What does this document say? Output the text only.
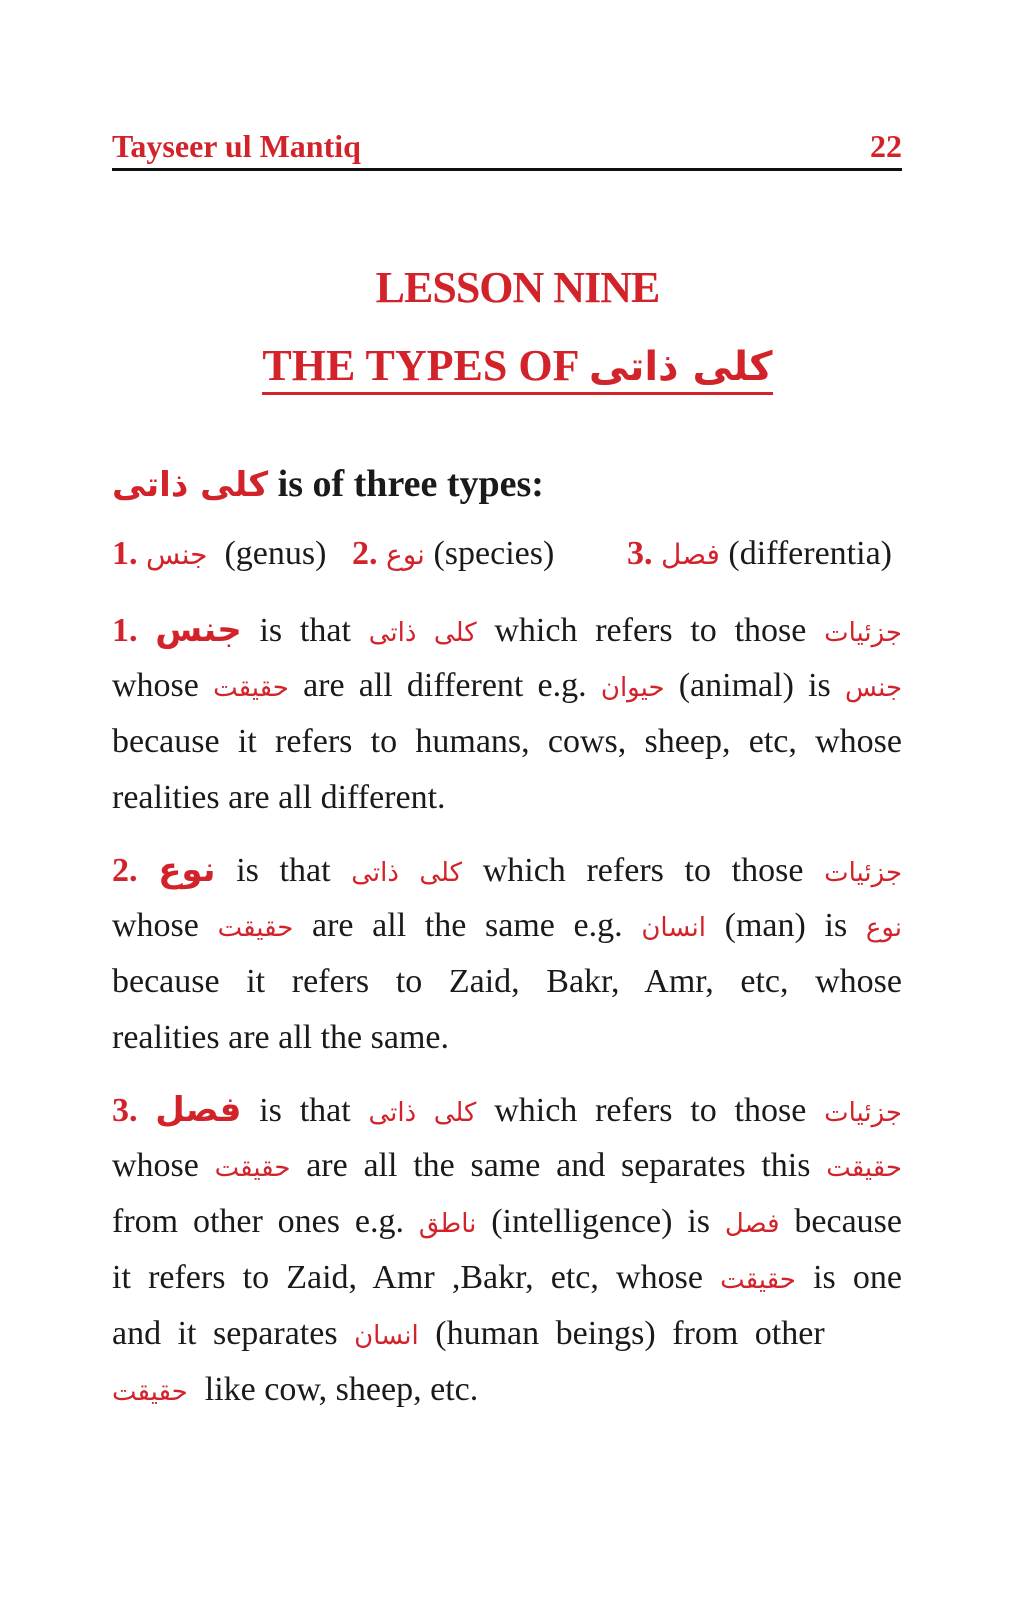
Tayseer ul Mantiq	22
LESSON NINE
THE TYPES OF کلی ذاتی
کلی ذاتی is of three types:
1. جنس (genus) 2. نوع (species) 3. فصل (differentia)
1. جنس is that کلی ذاتی which refers to those جزئیات
whose حقیقت are all different e.g. حیوان (animal) is جنس
because it refers to humans, cows, sheep, etc, whose
realities are all different.
2. نوع is that کلی ذاتی which refers to those جزئیات
whose حقیقت are all the same e.g. انسان (man) is نوع
because it refers to Zaid, Bakr, Amr, etc, whose
realities are all the same.
3. فصل is that کلی ذاتی which refers to those جزئیات
whose حقیقت are all the same and separates this حقیقت
from other ones e.g. ناطق (intelligence) is فصل because
it refers to Zaid, Amr ,Bakr, etc, whose حقیقت is one
and it separates انسان (human beings) from other
حقیقت like cow, sheep, etc.
